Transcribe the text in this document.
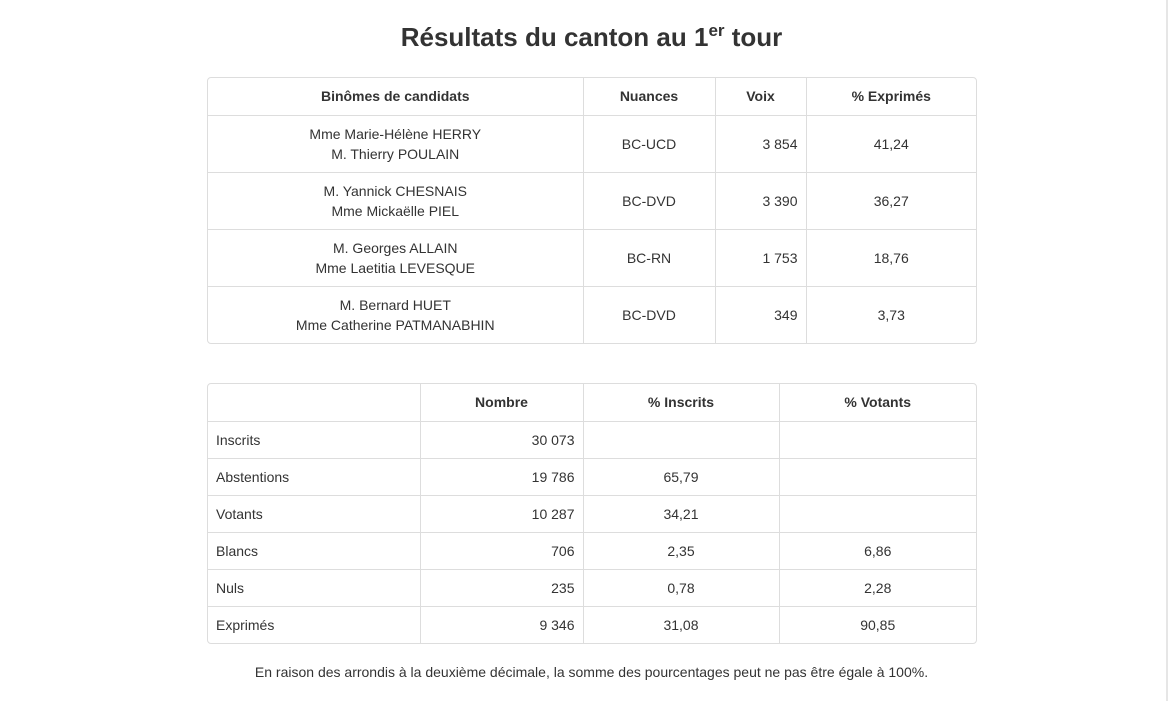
Résultats du canton au 1er tour
Binômes de candidats	Nuances	Voix	% Exprimés

Mme Marie-Hélène HERRY
M. Thierry POULAIN	BC-UCD	3 854	41,24

M. Yannick CHESNAIS
Mme Mickaëlle PIEL	BC-DVD	3 390	36,27

M. Georges ALLAIN
Mme Laetitia LEVESQUE	BC-RN	1 753	18,76

M. Bernard HUET
Mme Catherine PATMANABHIN	BC-DVD	349	3,73
	Nombre	% Inscrits	% Votants
Inscrits	30 073		
Abstentions	19 786	65,79	
Votants	10 287	34,21	
Blancs	706	2,35	6,86
Nuls	235	0,78	2,28
Exprimés	9 346	31,08	90,85
En raison des arrondis à la deuxième décimale, la somme des pourcentages peut ne pas être égale à 100%.
